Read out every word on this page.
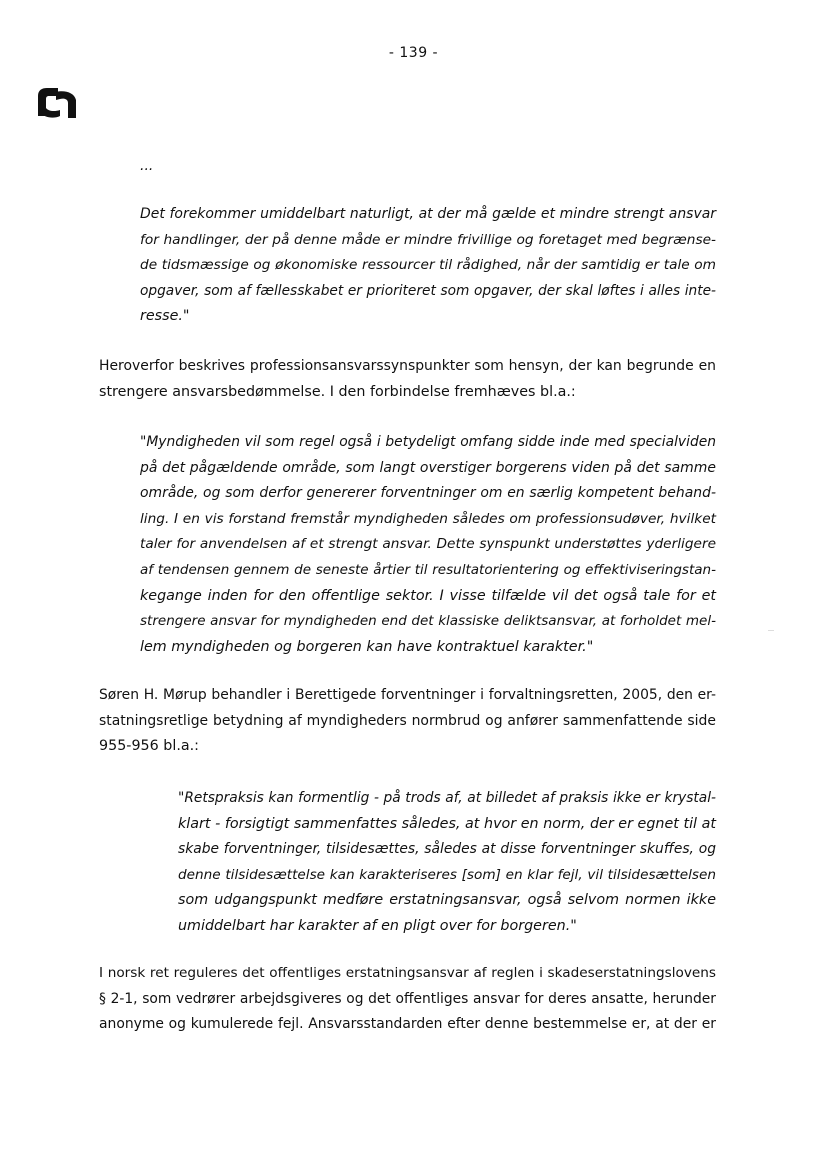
- 139 -
...

Det forekommer umiddelbart naturligt, at der må gælde et mindre strengt ansvar
for handlinger, der på denne måde er mindre frivillige og foretaget med begrænse-
de tidsmæssige og økonomiske ressourcer til rådighed, når der samtidig er tale om
opgaver, som af fællesskabet er prioriteret som opgaver, der skal løftes i alles inte-
resse."

Heroverfor beskrives professionsansvarssynspunkter som hensyn, der kan begrunde en
strengere ansvarsbedømmelse. I den forbindelse fremhæves bl.a.:

"Myndigheden vil som regel også i betydeligt omfang sidde inde med specialviden
på det pågældende område, som langt overstiger borgerens viden på det samme
område, og som derfor genererer forventninger om en særlig kompetent behand-
ling. I en vis forstand fremstår myndigheden således om professionsudøver, hvilket
taler for anvendelsen af et strengt ansvar. Dette synspunkt understøttes yderligere
af tendensen gennem de seneste årtier til resultatorientering og effektiviseringstan-
kegange inden for den offentlige sektor. I visse tilfælde vil det også tale for et
strengere ansvar for myndigheden end det klassiske deliktsansvar, at forholdet mel-
lem myndigheden og borgeren kan have kontraktuel karakter."

Søren H. Mørup behandler i Berettigede forventninger i forvaltningsretten, 2005, den er-
statningsretlige betydning af myndigheders normbrud og anfører sammenfattende side
955-956 bl.a.:

"Retspraksis kan formentlig - på trods af, at billedet af praksis ikke er krystal-
klart - forsigtigt sammenfattes således, at hvor en norm, der er egnet til at
skabe forventninger, tilsidesættes, således at disse forventninger skuffes, og
denne tilsidesættelse kan karakteriseres [som] en klar fejl, vil tilsidesættelsen
som udgangspunkt medføre erstatningsansvar, også selvom normen ikke
umiddelbart har karakter af en pligt over for borgeren."

I norsk ret reguleres det offentliges erstatningsansvar af reglen i skadeserstatningslovens
§ 2-1, som vedrører arbejdsgiveres og det offentliges ansvar for deres ansatte, herunder
anonyme og kumulerede fejl. Ansvarsstandarden efter denne bestemmelse er, at der er
